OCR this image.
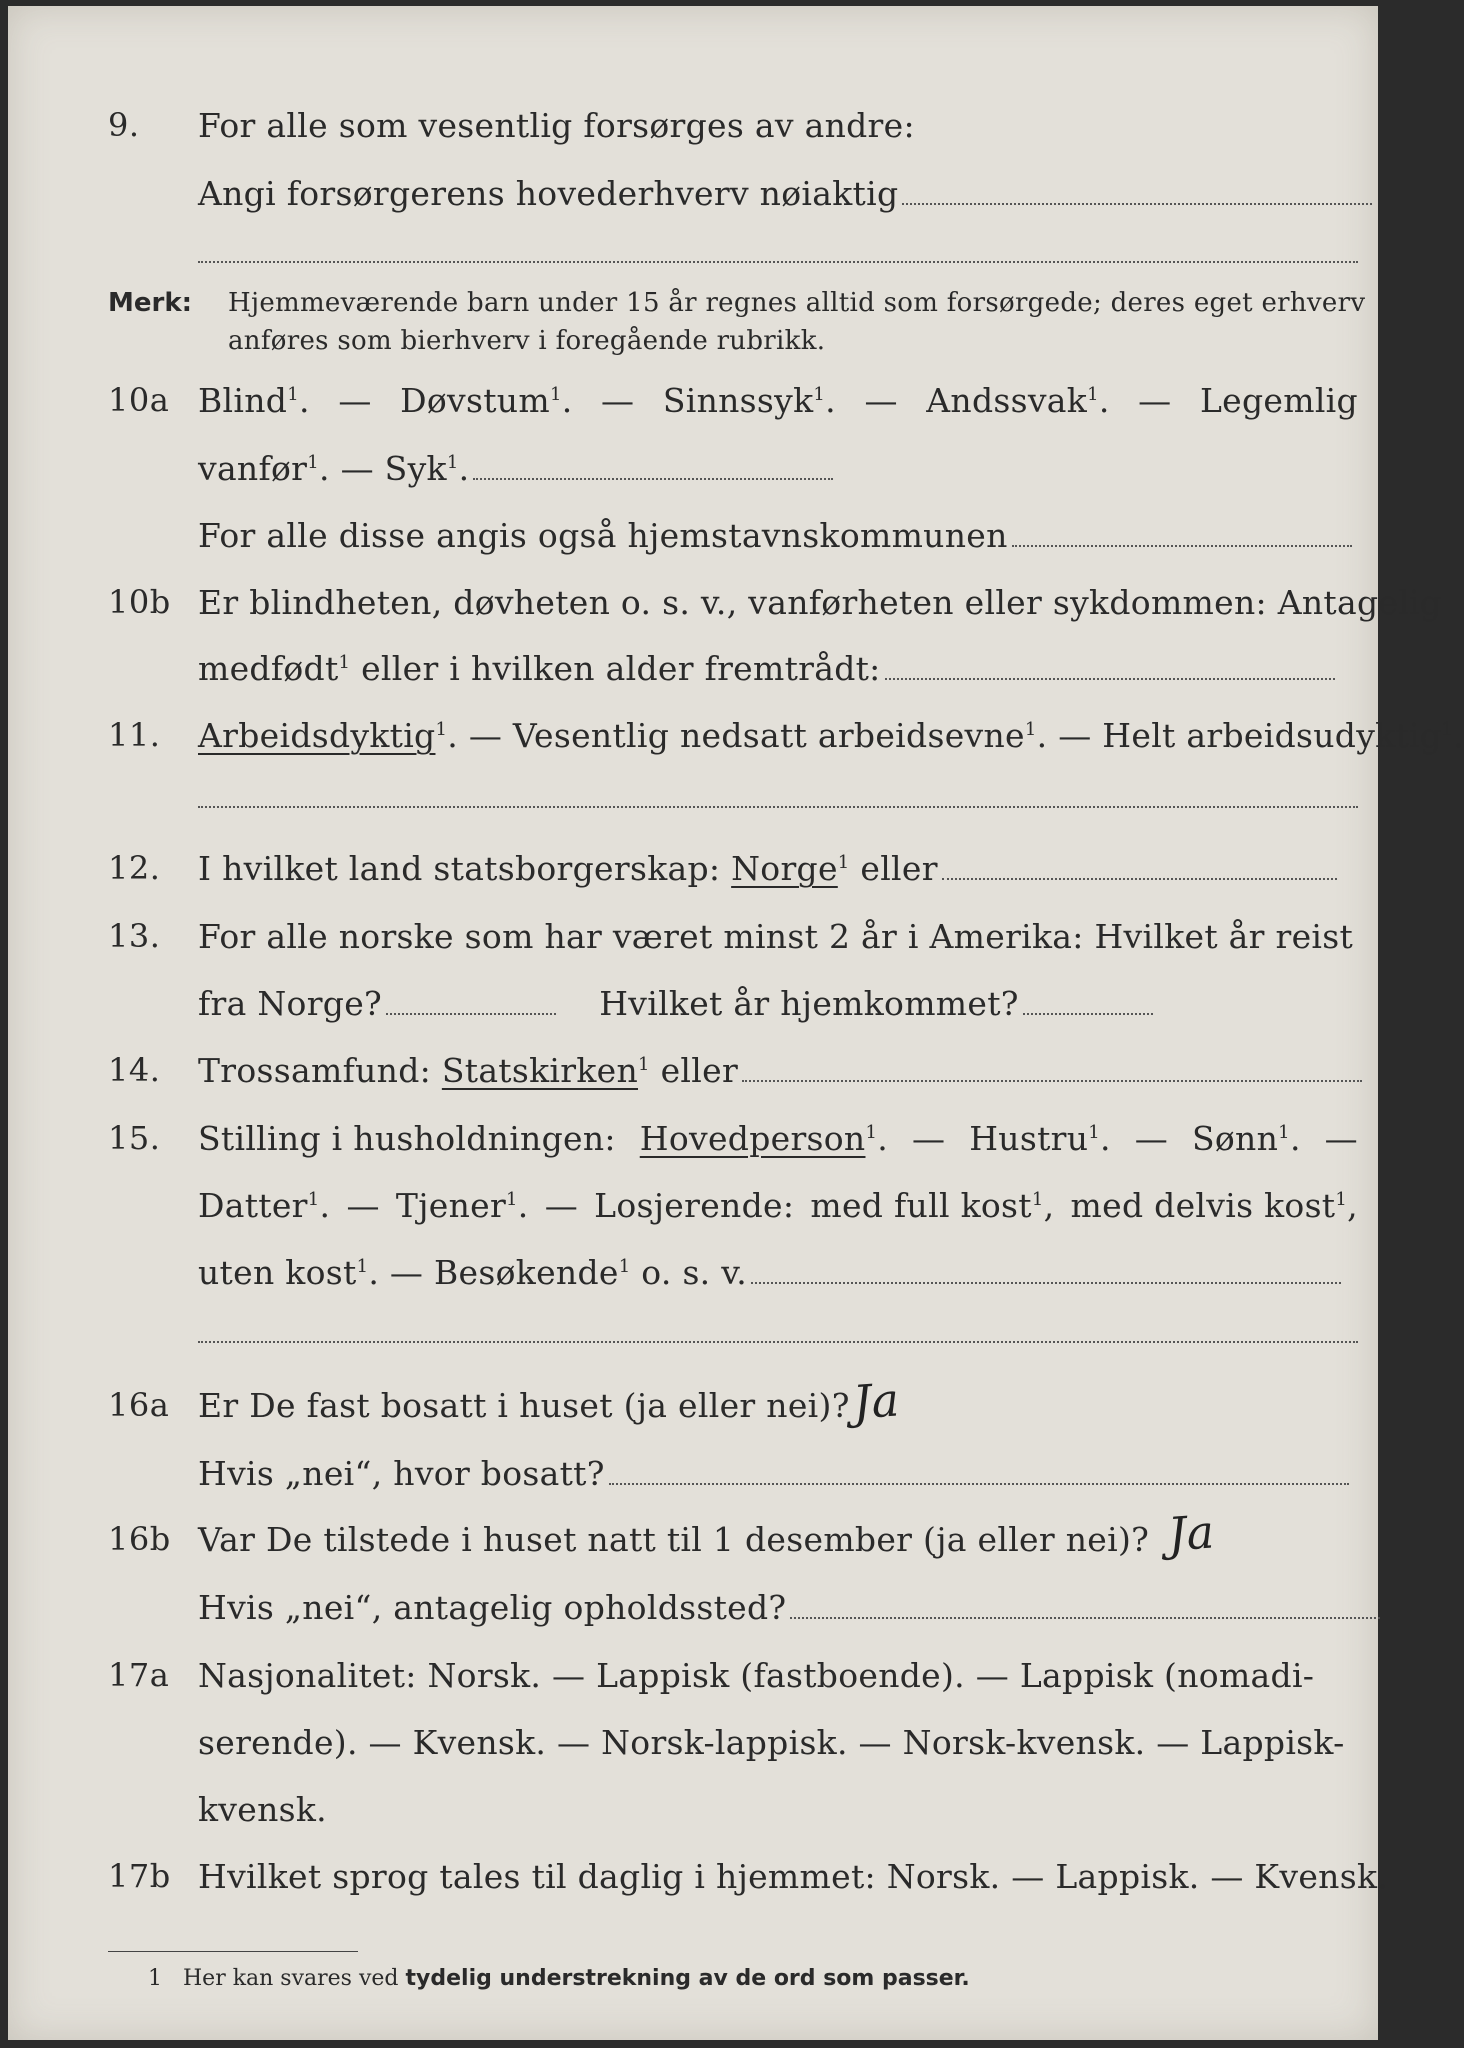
9. For alle som vesentlig forsørges av andre:
Angi forsørgerens hovederhverv nøiaktig
Merk: Hjemmeværende barn under 15 år regnes alltid som forsørgede; deres eget erhverv
anføres som bierhverv i foregående rubrikk.
10a Blind$^1$. — Døvstum$^1$. — Sinnssyk$^1$. — Andssvak$^1$. — Legemlig
vanfør$^1$. — Syk$^1$.
For alle disse angis også hjemstavnskommunen
10b Er blindheten, døvheten o. s. v., vanførheten eller sykdommen: Antagelig
medfødt$^1$ eller i hvilken alder fremtrådt:
11. Arbeidsdyktig$^1$. — Vesentlig nedsatt arbeidsevne$^1$. — Helt arbeidsudyktig$^1$.
12. I hvilket land statsborgerskap: Norge$^1$ eller
13. For alle norske som har været minst 2 år i Amerika: Hvilket år reist
fra Norge?	Hvilket år hjemkommet?
14. Trossamfund: Statskirken$^1$ eller
15. Stilling i husholdningen: Hovedperson$^1$. — Hustru$^1$. — Sønn$^1$. —
Datter$^1$. — Tjener$^1$. — Losjerende: med full kost$^1$, med delvis kost$^1$,
uten kost$^1$. — Besøkende$^1$ o. s. v.
16a Er De fast bosatt i huset (ja eller nei)? Ja
Hvis „nei“, hvor bosatt?
16b Var De tilstede i huset natt til 1 desember (ja eller nei)? Ja
Hvis „nei“, antagelig opholdssted?
17a Nasjonalitet: Norsk. — Lappisk (fastboende). — Lappisk (nomadi-
serende). — Kvensk. — Norsk-lappisk. — Norsk-kvensk. — Lappisk-
kvensk.
17b Hvilket sprog tales til daglig i hjemmet: Norsk. — Lappisk. — Kvensk.
1 Her kan svares ved tydelig understrekning av de ord som passer.
